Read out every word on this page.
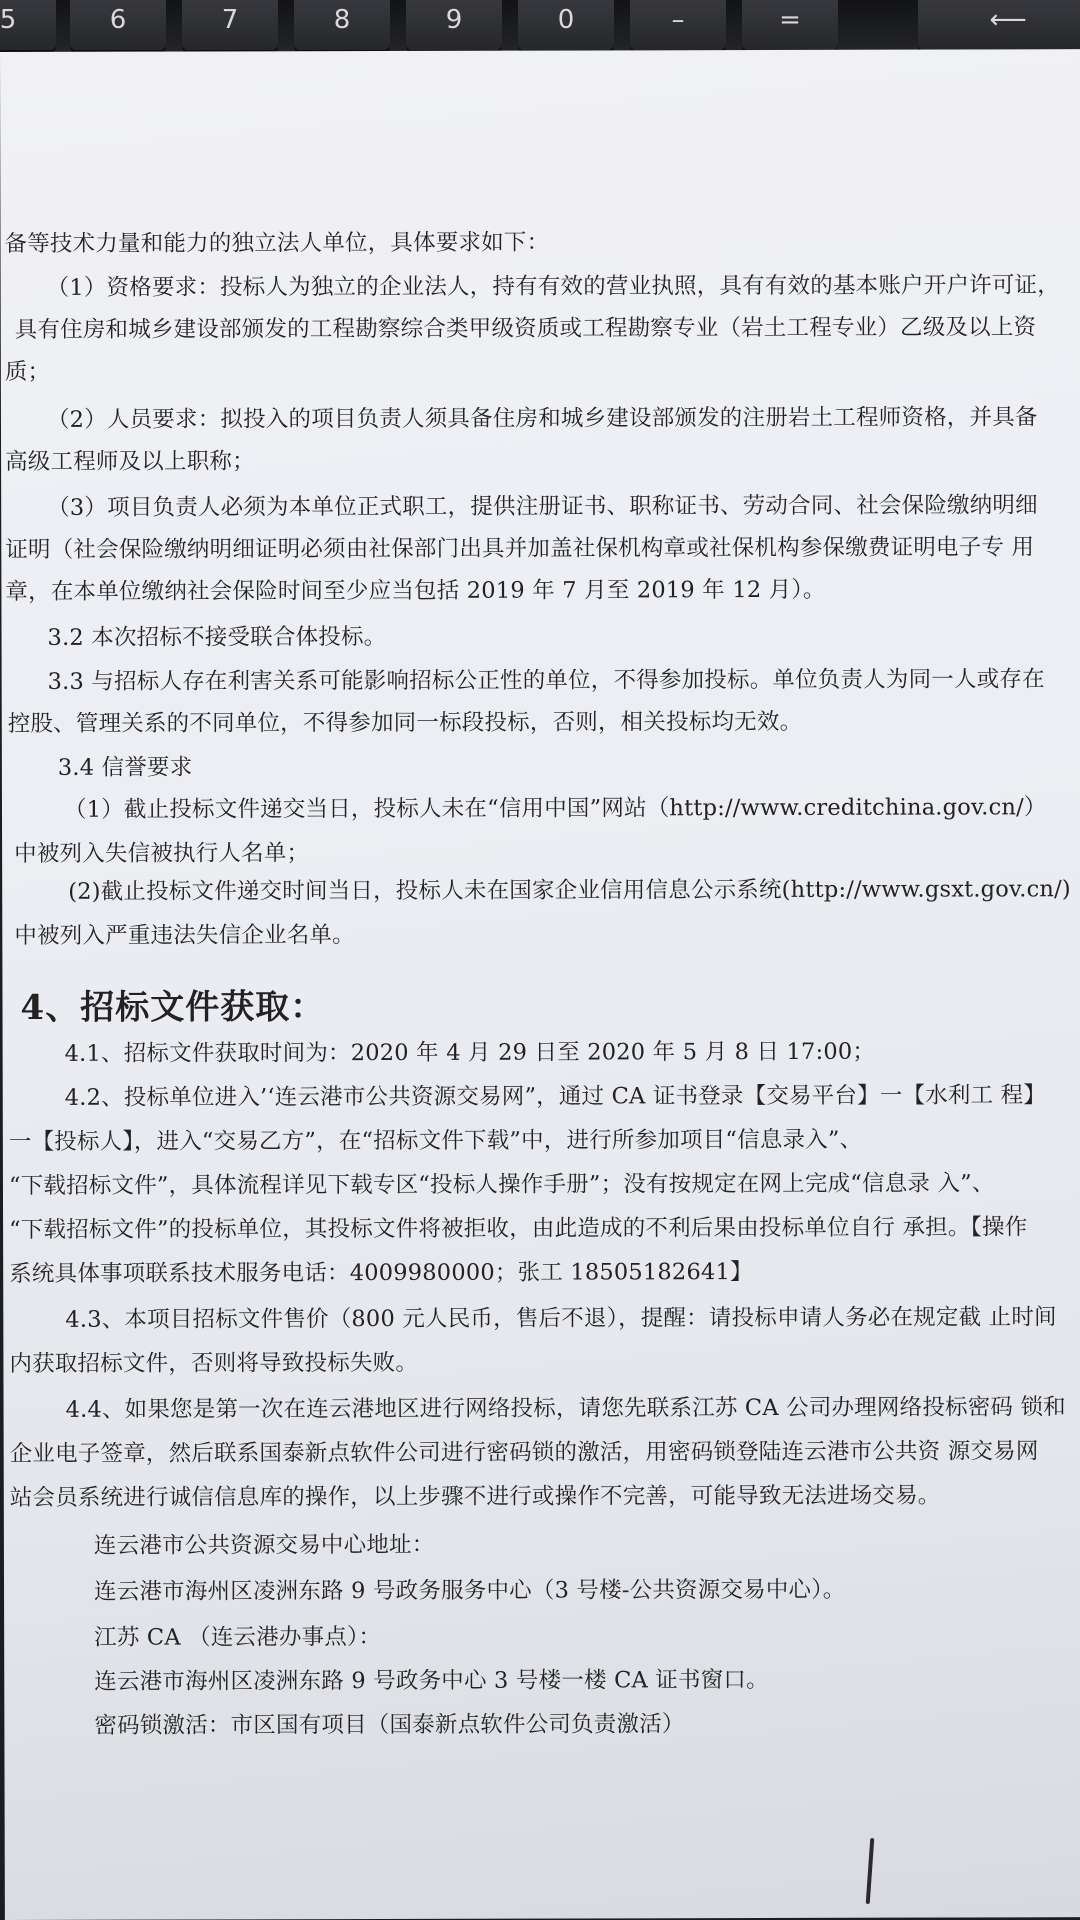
5	6	7	8	9	0	–	=	⟵
备等技术力量和能力的独立法人单位，具体要求如下：
（1）资格要求：投标人为独立的企业法人，持有有效的营业执照，具有有效的基本账户开户许可证，
具有住房和城乡建设部颁发的工程勘察综合类甲级资质或工程勘察专业（岩土工程专业）乙级及以上资
质；
（2）人员要求：拟投入的项目负责人须具备住房和城乡建设部颁发的注册岩土工程师资格，并具备
高级工程师及以上职称；
（3）项目负责人必须为本单位正式职工，提供注册证书、职称证书、劳动合同、社会保险缴纳明细
证明（社会保险缴纳明细证明必须由社保部门出具并加盖社保机构章或社保机构参保缴费证明电子专 用
章，在本单位缴纳社会保险时间至少应当包括 2019 年 7 月至 2019 年 12 月）。
3.2 本次招标不接受联合体投标。
3.3 与招标人存在利害关系可能影响招标公正性的单位，不得参加投标。单位负责人为同一人或存在
控股、管理关系的不同单位，不得参加同一标段投标，否则，相关投标均无效。
3.4 信誉要求
（1）截止投标文件递交当日，投标人未在“信用中国”网站（http://www.creditchina.gov.cn/）
中被列入失信被执行人名单；
(2)截止投标文件递交时间当日，投标人未在国家企业信用信息公示系统(http://www.gsxt.gov.cn/)
中被列入严重违法失信企业名单。
4、招标文件获取：
4.1、招标文件获取时间为：2020 年 4 月 29 日至 2020 年 5 月 8 日 17:00；
4.2、投标单位进入’‘连云港市公共资源交易网”，通过 CA 证书登录【交易平台】一【水利工 程】
一【投标人】，进入“交易乙方”，在“招标文件下载”中，进行所参加项目“信息录入”、
“下载招标文件”，具体流程详见下载专区“投标人操作手册”；没有按规定在网上完成“信息录 入”、
“下载招标文件”的投标单位，其投标文件将被拒收，由此造成的不利后果由投标单位自行 承担。【操作
系统具体事项联系技术服务电话：4009980000；张工 18505182641】
4.3、本项目招标文件售价（800 元人民币，售后不退），提醒：请投标申请人务必在规定截 止时间
内获取招标文件，否则将导致投标失败。
4.4、如果您是第一次在连云港地区进行网络投标，请您先联系江苏 CA 公司办理网络投标密码 锁和
企业电子签章，然后联系国泰新点软件公司进行密码锁的激活，用密码锁登陆连云港市公共资 源交易网
站会员系统进行诚信信息库的操作，以上步骤不进行或操作不完善，可能导致无法进场交易。
连云港市公共资源交易中心地址：
连云港市海州区凌洲东路 9 号政务服务中心（3 号楼-公共资源交易中心）。
江苏 CA （连云港办事点）：
连云港市海州区凌洲东路 9 号政务中心 3 号楼一楼 CA 证书窗口。
密码锁激活：市区国有项目（国泰新点软件公司负责激活）
